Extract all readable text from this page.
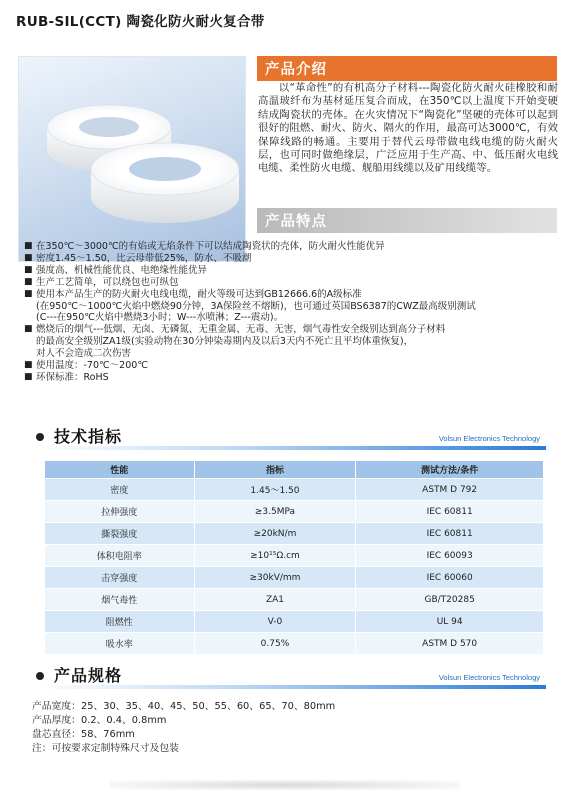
RUB-SIL(CCT) 陶瓷化防火耐火复合带
产品介绍

以“革命性”的有机高分子材料---陶瓷化防火耐火硅橡胶和耐高温玻纤布为基材延压复合而成，在350℃以上温度下开始变硬结成陶瓷状的壳体。在火灾情况下“陶瓷化”坚硬的壳体可以起到很好的阻燃、耐火、防火、隔火的作用，最高可达3000℃，有效保障线路的畅通。主要用于替代云母带做电线电缆的防火耐火层，也可同时做绝缘层，广泛应用于生产高、中、低压耐火电线电缆、柔性防火电缆、舰船用线缆以及矿用线缆等。

产品特点
■ 在350℃～3000℃的有焰或无焰条件下可以结成陶瓷状的壳体，防火耐火性能优异
■ 密度1.45～1.50，比云母带低25%，防水、不吸潮
■ 强度高、机械性能优良、电绝缘性能优异
■ 生产工艺简单，可以绕包也可纵包
■ 使用本产品生产的防火耐火电线电缆，耐火等级可达到GB12666.6的A级标准
(在950℃～1000℃火焰中燃烧90分钟，3A保险丝不熔断)，也可通过英国BS6387的CWZ最高级别测试
(C---在950℃火焰中燃烧3小时；W---水喷淋；Z---震动)。
■ 燃烧后的烟气---低烟、无卤、无磷氮、无重金属、无毒、无害，烟气毒性安全级别达到高分子材料
的最高安全级别ZA1级(实验动物在30分钟染毒期内及以后3天内不死亡且平均体重恢复)，
对人不会造成二次伤害
■ 使用温度：-70℃～200℃
■ 环保标准：RoHS
技术指标	Volsun Electronics Technology
性能	指标	测试方法/条件
密度	1.45～1.50	ASTM D 792
拉伸强度	≥3.5MPa	IEC 60811
撕裂强度	≥20kN/m	IEC 60811
体积电阻率	≥10¹⁵Ω.cm	IEC 60093
击穿强度	≥30kV/mm	IEC 60060
烟气毒性	ZA1	GB/T20285
阻燃性	V-0	UL 94
吸水率	0.75%	ASTM D 570
产品规格	Volsun Electronics Technology
产品宽度：25、30、35、40、45、50、55、60、65、70、80mm
产品厚度：0.2、0.4、0.8mm
盘芯直径：58、76mm
注：可按要求定制特殊尺寸及包装
